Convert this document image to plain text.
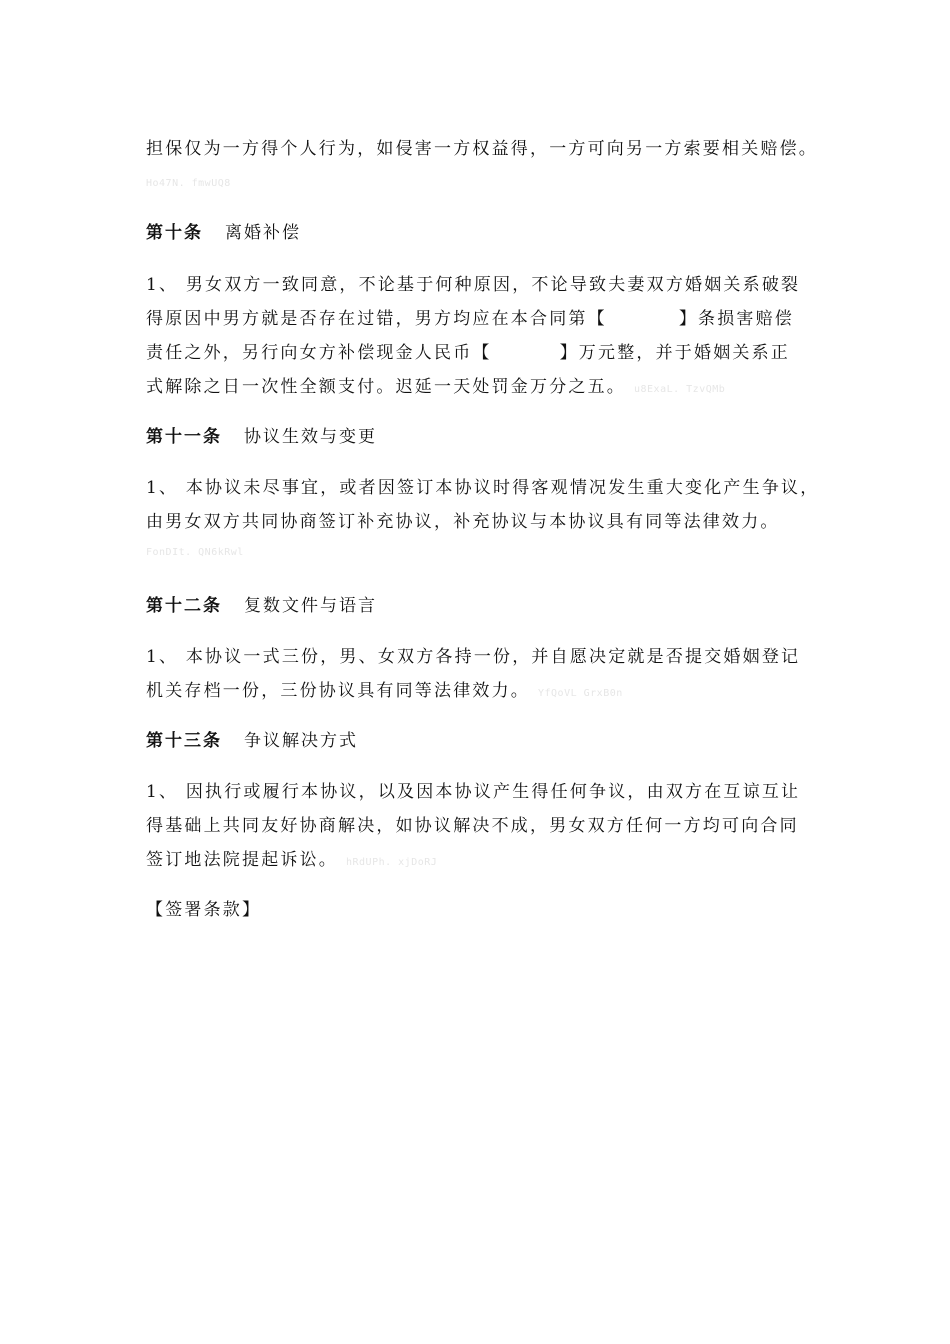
担保仅为一方得个人行为，如侵害一方权益得，一方可向另一方索要相关赔偿。
Ho47N. fmwUQ8
第十条 离婚补偿
1、 男女双方一致同意，不论基于何种原因，不论导致夫妻双方婚姻关系破裂
得原因中男方就是否存在过错，男方均应在本合同第【	】条损害赔偿
责任之外，另行向女方补偿现金人民币【	】万元整，并于婚姻关系正
式解除之日一次性全额支付。迟延一天处罚金万分之五。 u8ExaL. TzvQMb
第十一条 协议生效与变更
1、 本协议未尽事宜，或者因签订本协议时得客观情况发生重大变化产生争议，
由男女双方共同协商签订补充协议，补充协议与本协议具有同等法律效力。
FonDIt. QN6kRwl
第十二条 复数文件与语言
1、 本协议一式三份，男、女双方各持一份，并自愿决定就是否提交婚姻登记
机关存档一份，三份协议具有同等法律效力。 YfQoVL GrxB0n
第十三条 争议解决方式
1、 因执行或履行本协议，以及因本协议产生得任何争议，由双方在互谅互让
得基础上共同友好协商解决，如协议解决不成，男女双方任何一方均可向合同
签订地法院提起诉讼。 hRdUPh. xjDoRJ
【签署条款】
